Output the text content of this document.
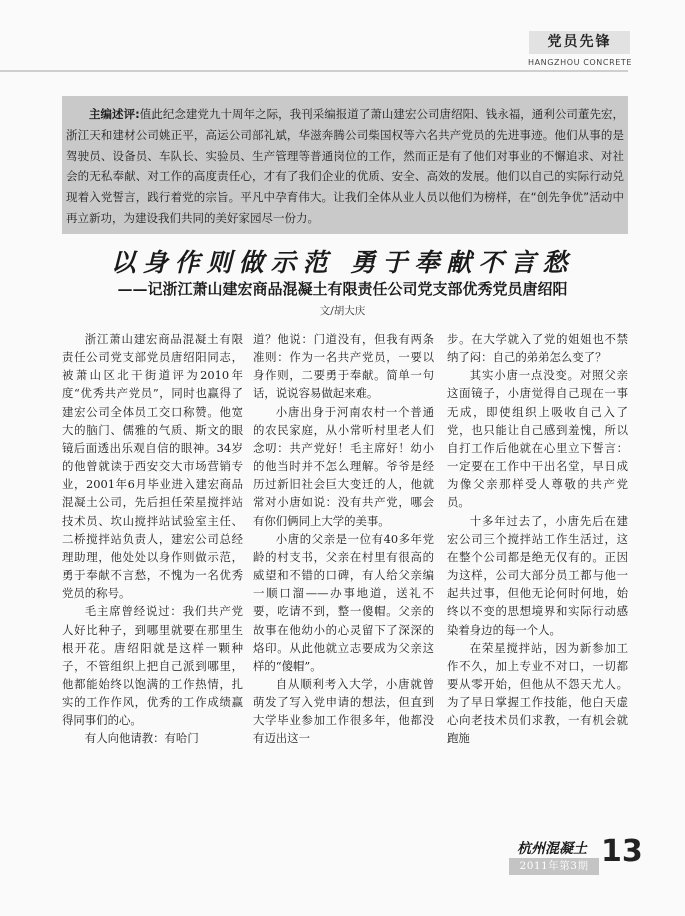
党员先锋
HANGZHOU CONCRETE
主编述评:值此纪念建党九十周年之际，我刊采编报道了萧山建宏公司唐绍阳、钱永福，通利公司董先宏，浙江天和建材公司姚正平，高运公司部礼斌，华滋奔腾公司柴国权等六名共产党员的先进事迹。他们从事的是驾驶员、设备员、车队长、实验员、生产管理等普通岗位的工作，然而正是有了他们对事业的不懈追求、对社会的无私奉献、对工作的高度责任心，才有了我们企业的优质、安全、高效的发展。他们以自己的实际行动兑现着入党誓言，践行着党的宗旨。平凡中孕育伟大。让我们全体从业人员以他们为榜样，在“创先争优”活动中再立新功，为建设我们共同的美好家园尽一份力。
以身作则做示范 勇于奉献不言愁
——记浙江萧山建宏商品混凝土有限责任公司党支部优秀党员唐绍阳
文/胡大庆

浙江萧山建宏商品混凝土有限责任公司党支部党员唐绍阳同志，被萧山区北干街道评为2010年度“优秀共产党员”，同时也赢得了建宏公司全体员工交口称赞。他宽大的脑门、儒雅的气质、斯文的眼镜后面透出乐观自信的眼神。34岁的他曾就读于西安交大市场营销专业，2001年6月毕业进入建宏商品混凝土公司，先后担任荣星搅拌站技术员、坎山搅拌站试验室主任、二桥搅拌站负责人，建宏公司总经理助理，他处处以身作则做示范，勇于奉献不言愁，不愧为一名优秀党员的称号。

毛主席曾经说过：我们共产党人好比种子，到哪里就要在那里生根开花。唐绍阳就是这样一颗种子，不管组织上把自己派到哪里，他都能始终以饱满的工作热情，扎实的工作作风，优秀的工作成绩赢得同事们的心。

有人向他请教：有哈门

道？他说：门道没有，但我有两条准则：作为一名共产党员，一要以身作则，二要勇于奉献。简单一句话，说说容易做起来难。

小唐出身于河南农村一个普通的农民家庭，从小常听村里老人们念叨：共产党好！毛主席好！幼小的他当时并不怎么理解。爷爷是经历过新旧社会巨大变迁的人，他就常对小唐如说：没有共产党，哪会有你们俩同上大学的美事。

小唐的父亲是一位有40多年党龄的村支书，父亲在村里有很高的威望和不错的口碑，有人给父亲编一顺口溜——办事地道，送礼不要，吃请不到，整一傻帽。父亲的故事在他幼小的心灵留下了深深的烙印。从此他就立志要成为父亲这样的“傻帽”。

自从顺利考入大学，小唐就曾萌发了写入党申请的想法，但直到大学毕业参加工作很多年，他都没有迈出这一

步。在大学就入了党的姐姐也不禁纳了闷：自己的弟弟怎么变了？

其实小唐一点没变。对照父亲这面镜子，小唐觉得自己现在一事无成，即使组织上吸收自己入了党，也只能让自己感到羞愧，所以自打工作后他就在心里立下誓言：一定要在工作中干出名堂，早日成为像父亲那样受人尊敬的共产党员。

十多年过去了，小唐先后在建宏公司三个搅拌站工作生活过，这在整个公司都是绝无仅有的。正因为这样，公司大部分员工都与他一起共过事，但他无论何时何地，始终以不变的思想境界和实际行动感染着身边的每一个人。

在荣星搅拌站，因为新参加工作不久，加上专业不对口，一切都要从零开始，但他从不怨天尤人。为了早日掌握工作技能，他白天虚心向老技术员们求教，一有机会就跑施

杭州混凝土
2011年第3期 13
